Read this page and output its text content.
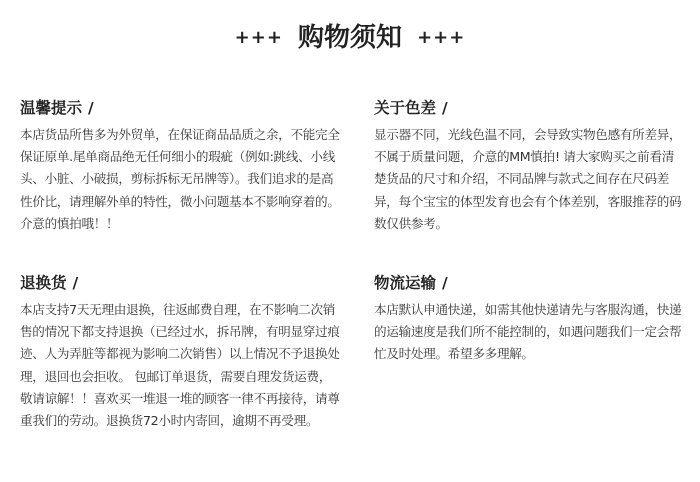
+++ 购物须知 +++
温馨提示 /

本店货品所售多为外贸单，在保证商品品质之余，不能完全保证原单.尾单商品绝无任何细小的瑕疵（例如:跳线、小线头、小脏、小破损，剪标拆标无吊牌等）。我们追求的是高性价比，请理解外单的特性，微小问题基本不影响穿着的。介意的慎拍哦！！

关于色差 /

显示器不同，光线色温不同，会导致实物色感有所差异，不属于质量问题，介意的MM慎拍! 请大家购买之前看清楚货品的尺寸和介绍，不同品牌与款式之间存在尺码差异，每个宝宝的体型发育也会有个体差别，客服推荐的码数仅供参考。

退换货 /

本店支持7天无理由退换，往返邮费自理，在不影响二次销售的情况下都支持退换（已经过水，拆吊牌，有明显穿过痕迹、人为弄脏等都视为影响二次销售）以上情况不予退换处理，退回也会拒收。 包邮订单退货，需要自理发货运费，敬请谅解！！喜欢买一堆退一堆的顾客一律不再接待，请尊重我们的劳动。退换货72小时内寄回，逾期不再受理。

物流运输 /

本店默认申通快递，如需其他快递请先与客服沟通，快递的运输速度是我们所不能控制的，如遇问题我们一定会帮忙及时处理。希望多多理解。
